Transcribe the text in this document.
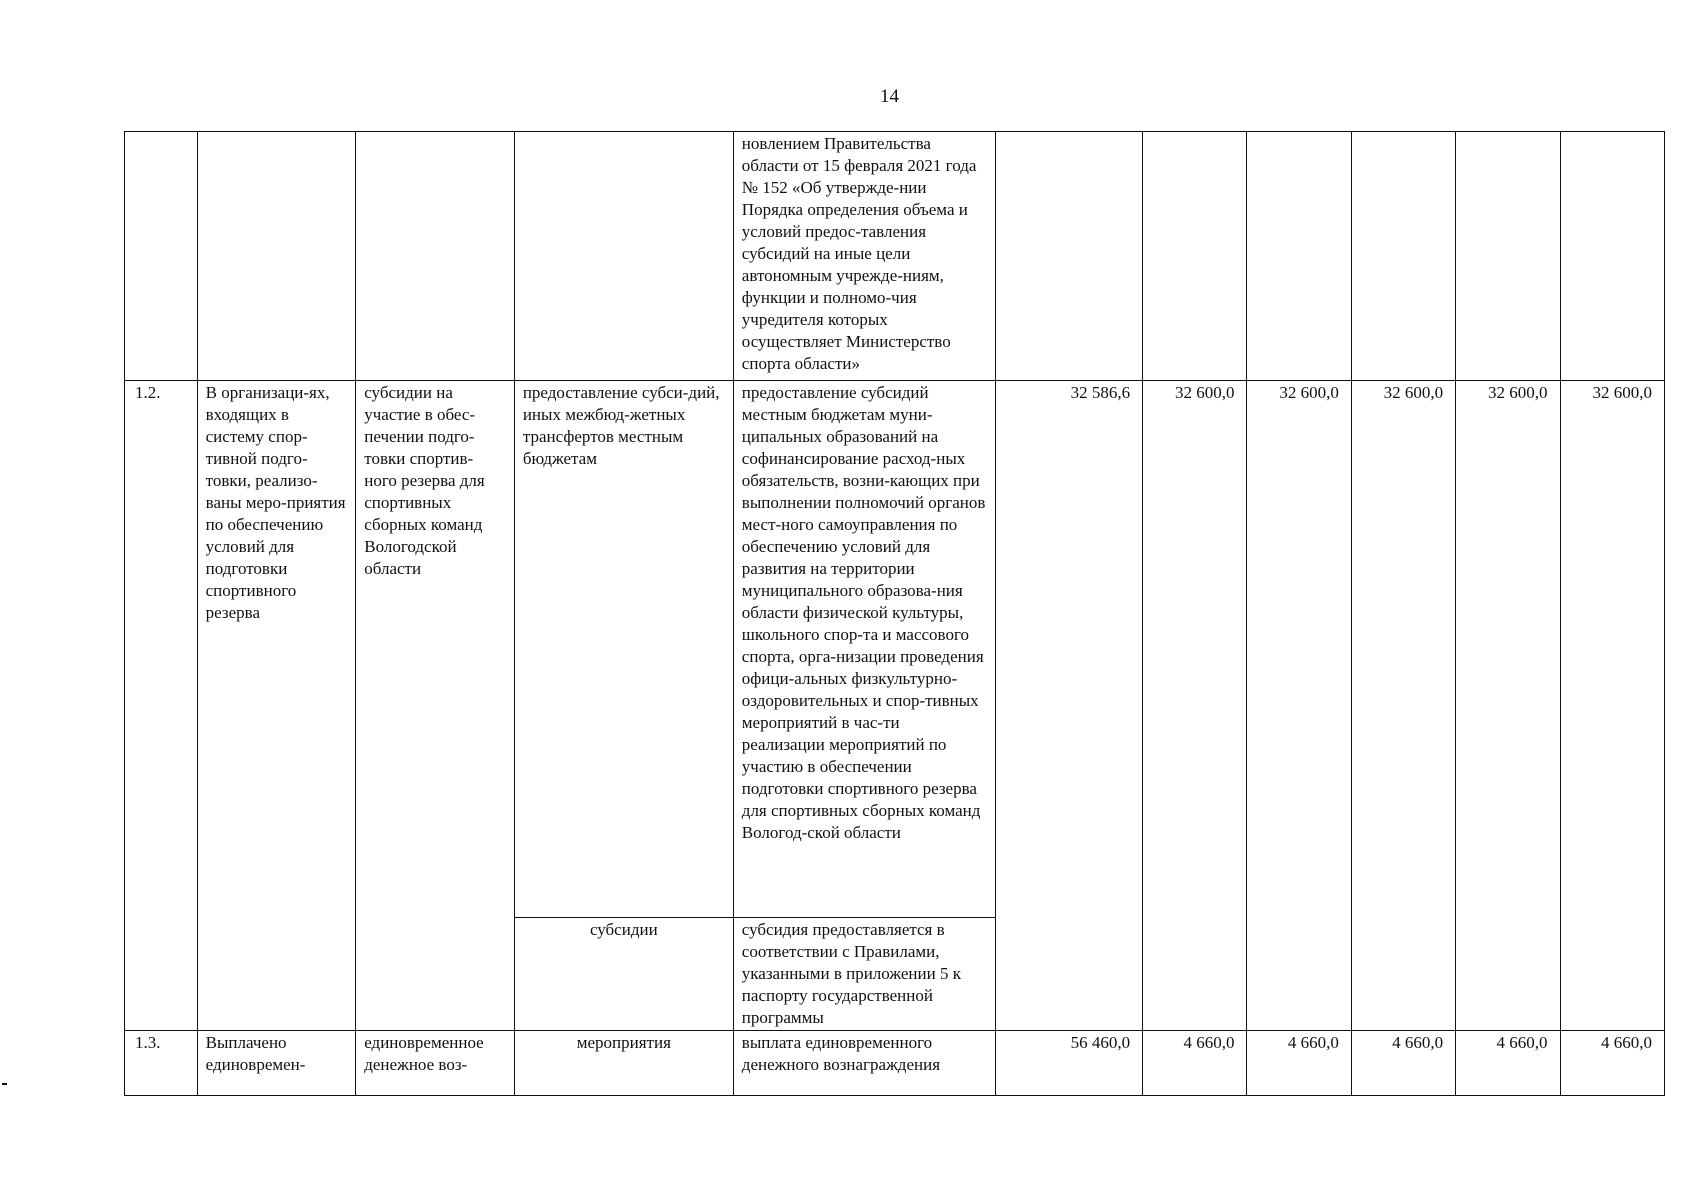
14
				новлением Правительства области от 15 февраля 2021 года № 152 «Об утвержде-нии Порядка определения объема и условий предос-тавления субсидий на иные цели автономным учрежде-ниям, функции и полномо-чия учредителя которых осуществляет Министерство спорта области»						
1.2.	В организаци-ях, входящих в систему спор-тивной подго-товки, реализо-ваны меро-приятия по обеспечению условий для подготовки спортивного резерва	субсидии на участие в обес-печении подго-товки спортив-ного резерва для спортивных сборных команд Вологодской области	предоставление субси-дий, иных межбюд-жетных трансфертов местным бюджетам	предоставление субсидий местным бюджетам муни-ципальных образований на софинансирование расход-ных обязательств, возни-кающих при выполнении полномочий органов мест-ного самоуправления по обеспечению условий для развития на территории муниципального образова-ния области физической культуры, школьного спор-та и массового спорта, орга-низации проведения офици-альных физкультурно-оздоровительных и спор-тивных мероприятий в час-ти реализации мероприятий по участию в обеспечении подготовки спортивного резерва для спортивных сборных команд Вологод-ской области	32 586,6	32 600,0	32 600,0	32 600,0	32 600,0	32 600,0
			субсидии	субсидия предоставляется в соответствии с Правилами, указанными в приложении 5 к паспорту государственной программы						
1.3.	Выплачено единовремен-	единовременное денежное воз-	мероприятия	выплата единовременного денежного вознаграждения	56 460,0	4 660,0	4 660,0	4 660,0	4 660,0	4 660,0
